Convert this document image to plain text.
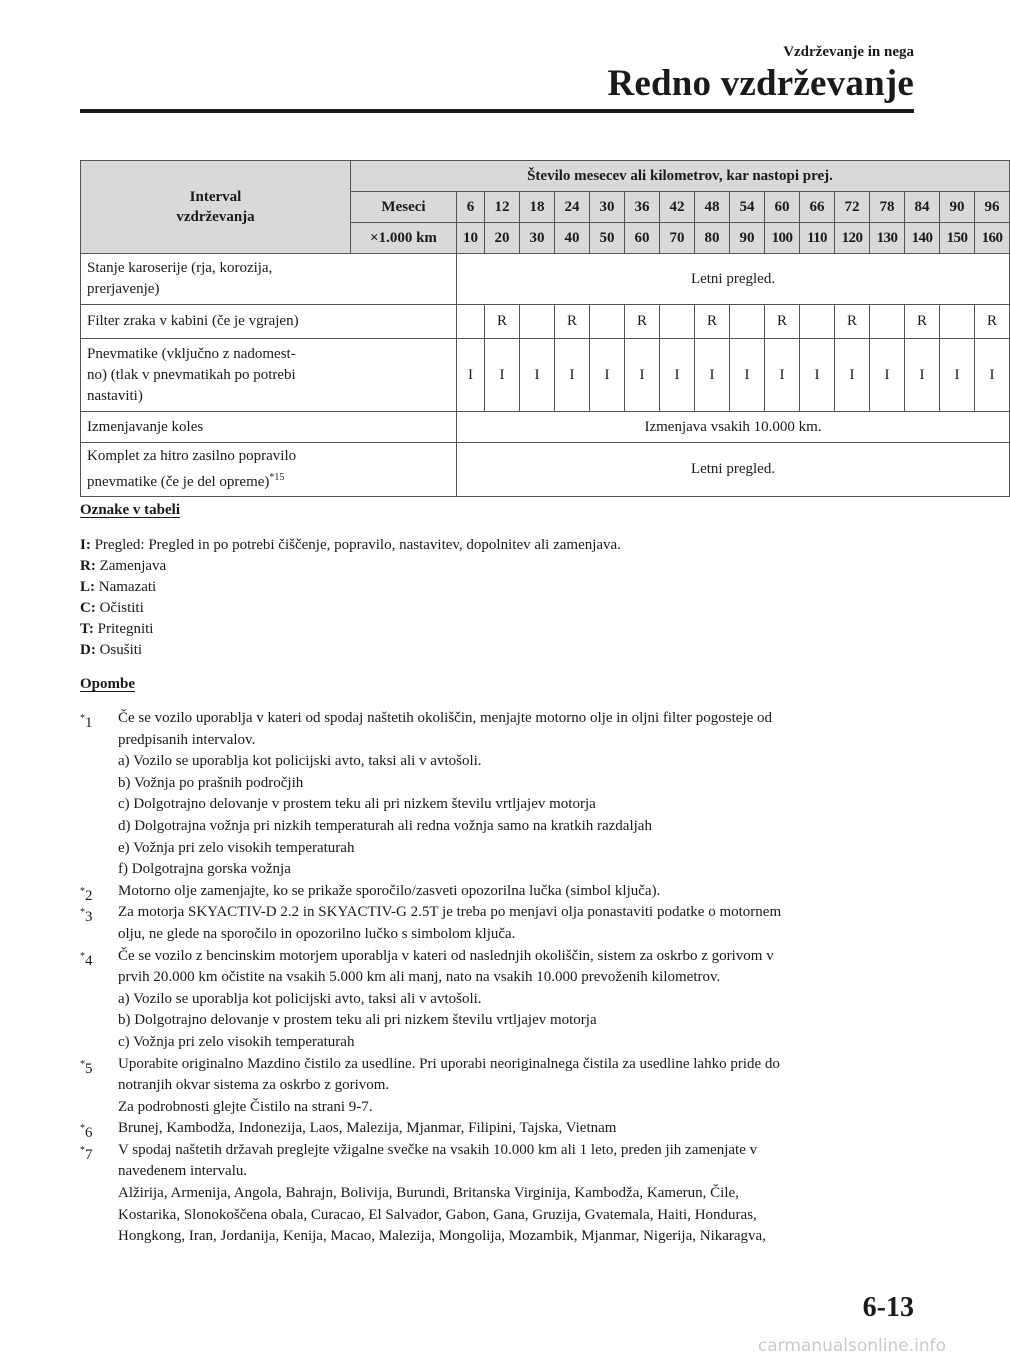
Vzdrževanje in nega
Redno vzdrževanje
Interval
vzdrževanja	Število mesecev ali kilometrov, kar nastopi prej.																
	Meseci	6	12	18	24	30	36	42	48	54	60	66	72	78	84	90	96
	×1.000 km	10	20	30	40	50	60	70	80	90	100	110	120	130	140	150	160

Stanje karoserije (rja, korozija,
prerjavenje)		Letni pregled.															
Filter zraka v kabini (če je vgrajen)			R		R		R		R		R		R		R		R

Pnevmatike (vključno z nadomest-
no) (tlak v pnevmatikah po potrebi
nastaviti)		I	I	I	I	I	I	I	I	I	I	I	I	I	I	I	I
Izmenjavanje koles		Izmenjava vsakih 10.000 km.															

Komplet za hitro zasilno popravilo
pnevmatike (če je del opreme)$^{*15}$		Letni pregled.															
Oznake v tabeli
I: Pregled: Pregled in po potrebi čiščenje, popravilo, nastavitev, dopolnitev ali zamenjava.
R: Zamenjava
L: Namazati
C: Očistiti
T: Pritegniti
D: Osušiti
Opombe
*1 Če se vozilo uporablja v kateri od spodaj naštetih okoliščin, menjajte motorno olje in oljni filter pogosteje od
predpisanih intervalov.
a) Vozilo se uporablja kot policijski avto, taksi ali v avtošoli.
b) Vožnja po prašnih področjih
c) Dolgotrajno delovanje v prostem teku ali pri nizkem številu vrtljajev motorja
d) Dolgotrajna vožnja pri nizkih temperaturah ali redna vožnja samo na kratkih razdaljah
e) Vožnja pri zelo visokih temperaturah
f) Dolgotrajna gorska vožnja
*2 Motorno olje zamenjajte, ko se prikaže sporočilo/zasveti opozorilna lučka (simbol ključa).
*3 Za motorja SKYACTIV-D 2.2 in SKYACTIV-G 2.5T je treba po menjavi olja ponastaviti podatke o motornem
olju, ne glede na sporočilo in opozorilno lučko s simbolom ključa.
*4 Če se vozilo z bencinskim motorjem uporablja v kateri od naslednjih okoliščin, sistem za oskrbo z gorivom v
prvih 20.000 km očistite na vsakih 5.000 km ali manj, nato na vsakih 10.000 prevoženih kilometrov.
a) Vozilo se uporablja kot policijski avto, taksi ali v avtošoli.
b) Dolgotrajno delovanje v prostem teku ali pri nizkem številu vrtljajev motorja
c) Vožnja pri zelo visokih temperaturah
*5 Uporabite originalno Mazdino čistilo za usedline. Pri uporabi neoriginalnega čistila za usedline lahko pride do
notranjih okvar sistema za oskrbo z gorivom.
Za podrobnosti glejte Čistilo na strani 9-7.
*6 Brunej, Kambodža, Indonezija, Laos, Malezija, Mjanmar, Filipini, Tajska, Vietnam
*7 V spodaj naštetih državah preglejte vžigalne svečke na vsakih 10.000 km ali 1 leto, preden jih zamenjate v
navedenem intervalu.
Alžirija, Armenija, Angola, Bahrajn, Bolivija, Burundi, Britanska Virginija, Kambodža, Kamerun, Čile,
Kostarika, Slonokoščena obala, Curacao, El Salvador, Gabon, Gana, Gruzija, Gvatemala, Haiti, Honduras,
Hongkong, Iran, Jordanija, Kenija, Macao, Malezija, Mongolija, Mozambik, Mjanmar, Nigerija, Nikaragva,
6-13
carmanualsonline.info
